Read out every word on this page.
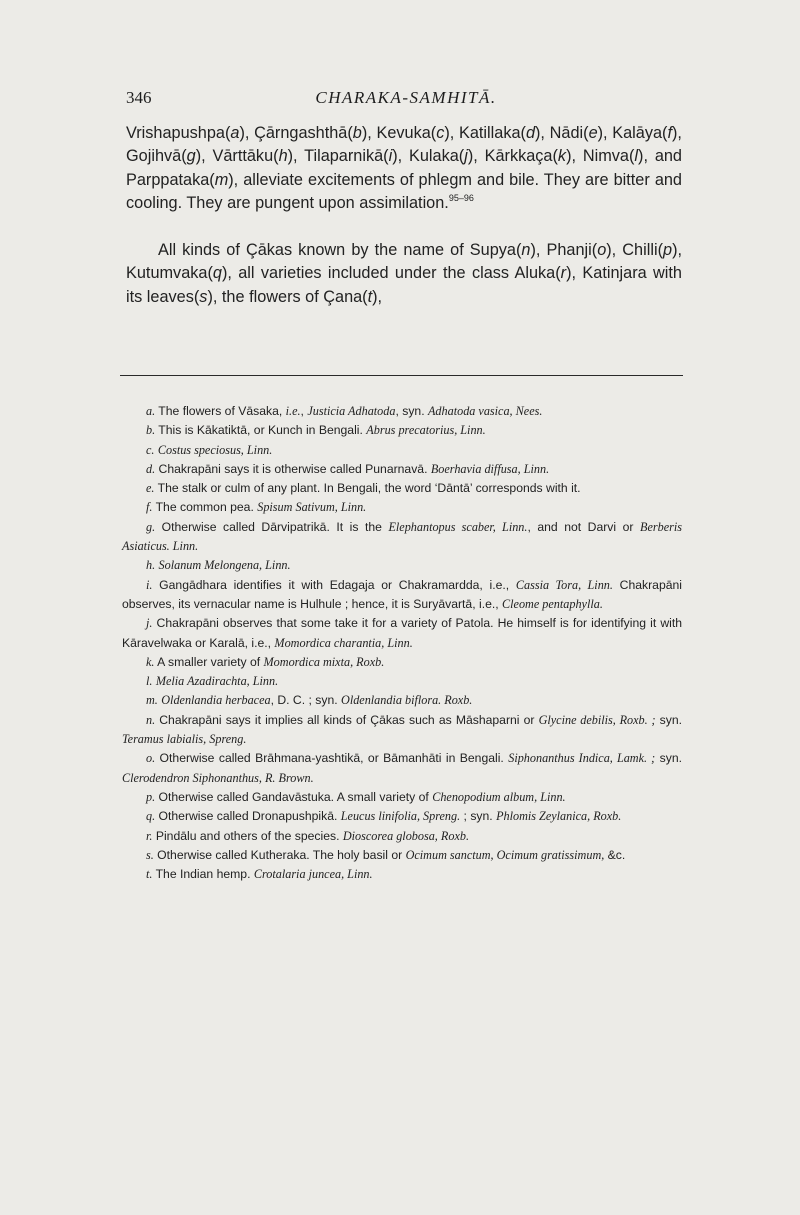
346	CHARAKA-SAMHITĀ.

Vrishapushpa(a), Çārngashthā(b), Kevuka(c), Katillaka(d), Nādi(e), Kalāya(f), Gojihvā(g), Vārttāku(h), Tilaparnikā(i), Kulaka(j), Kārkkaça(k), Nimva(l), and Parppataka(m), alleviate excitements of phlegm and bile. They are bitter and cooling. They are pungent upon assimilation.$^{95-96}$

All kinds of Çākas known by the name of Supya(n), Phanji(o), Chilli(p), Kutumvaka(q), all varieties included under the class Aluka(r), Katinjara with its leaves(s), the flowers of Çana(t),

a. The flowers of Vāsaka, i.e., Justicia Adhatoda, syn. Adhatoda vasica, Nees.

b. This is Kākatiktā, or Kunch in Bengali. Abrus precatorius, Linn.

c. Costus speciosus, Linn.

d. Chakrapāni says it is otherwise called Punarnavā. Boerhavia diffusa, Linn.

e. The stalk or culm of any plant. In Bengali, the word ‘Dāntā’ corresponds with it.

f. The common pea. Spisum Sativum, Linn.

g. Otherwise called Dārvipatrikā. It is the Elephantopus scaber, Linn., and not Darvi or Berberis Asiaticus. Linn.

h. Solanum Melongena, Linn.

i. Gangādhara identifies it with Edagaja or Chakramardda, i.e., Cassia Tora, Linn. Chakrapāni observes, its vernacular name is Hulhule ; hence, it is Suryāvartā, i.e., Cleome pentaphylla.

j. Chakrapāni observes that some take it for a variety of Patola. He himself is for identifying it with Kāravelwaka or Karalā, i.e., Momordica charantia, Linn.

k. A smaller variety of Momordica mixta, Roxb.

l. Melia Azadirachta, Linn.

m. Oldenlandia herbacea, D. C. ; syn. Oldenlandia biflora. Roxb.

n. Chakrapāni says it implies all kinds of Çākas such as Māshaparni or Glycine debilis, Roxb. ; syn. Teramus labialis, Spreng.

o. Otherwise called Brāhmana-yashtikā, or Bāmanhāti in Bengali. Siphonanthus Indica, Lamk. ; syn. Clerodendron Siphonanthus, R. Brown.

p. Otherwise called Gandavāstuka. A small variety of Chenopodium album, Linn.

q. Otherwise called Dronapushpikā. Leucus linifolia, Spreng. ; syn. Phlomis Zeylanica, Roxb.

r. Pindālu and others of the species. Dioscorea globosa, Roxb.

s. Otherwise called Kutheraka. The holy basil or Ocimum sanctum, Ocimum gratissimum, &c.

t. The Indian hemp. Crotalaria juncea, Linn.
